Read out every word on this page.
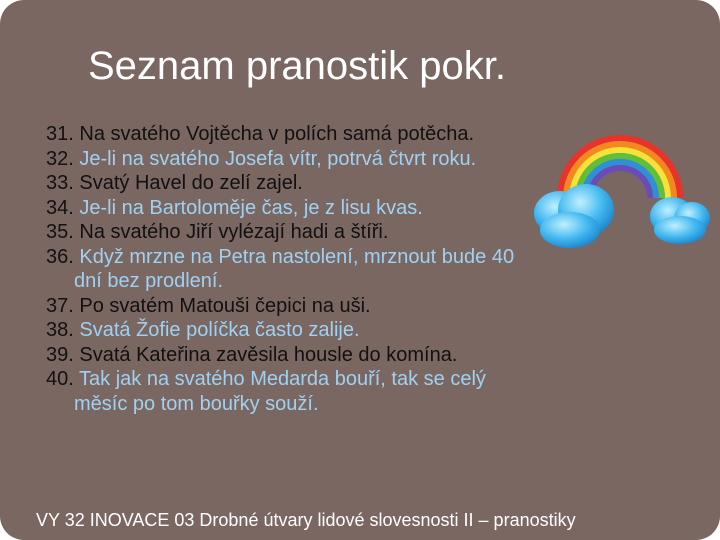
Seznam pranostik pokr.
31. Na svatého Vojtěcha v polích samá potěcha.
32. Je-li na svatého Josefa vítr, potrvá čtvrt roku.
33. Svatý Havel do zelí zajel.
34. Je-li na Bartoloměje čas, je z lisu kvas.
35. Na svatého Jiří vylézají hadi a štíři.
36. Když mrzne na Petra nastolení, mrznout bude 40
dní bez prodlení.
37. Po svatém Matouši čepici na uši.
38. Svatá Žofie políčka často zalije.
39. Svatá Kateřina zavěsila housle do komína.
40. Tak jak na svatého Medarda bouří, tak se celý
měsíc po tom bouřky souží.
VY 32 INOVACE 03 Drobné útvary lidové slovesnosti II – pranostiky
